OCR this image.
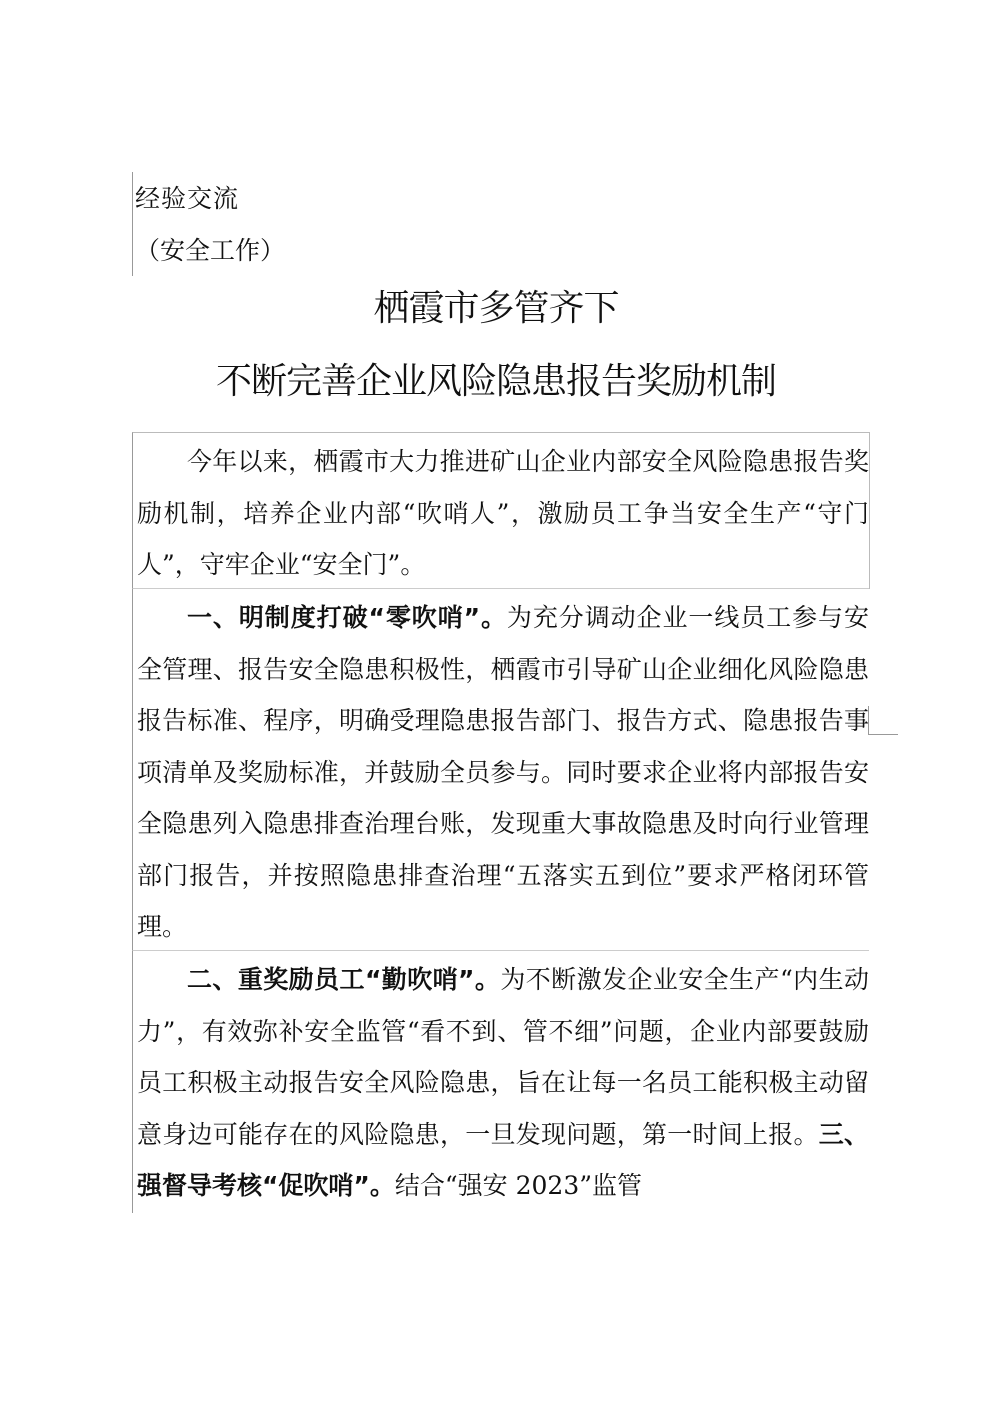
经验交流
（安全工作）
栖霞市多管齐下
不断完善企业风险隐患报告奖励机制
今年以来，栖霞市大力推进矿山企业内部安全风险隐患报告奖励机制，培养企业内部“吹哨人”，激励员工争当安全生产“守门人”，守牢企业“安全门”。
一、明制度打破“零吹哨”。为充分调动企业一线员工参与安全管理、报告安全隐患积极性，栖霞市引导矿山企业细化风险隐患报告标准、程序，明确受理隐患报告部门、报告方式、隐患报告事项清单及奖励标准，并鼓励全员参与。同时要求企业将内部报告安全隐患列入隐患排查治理台账，发现重大事故隐患及时向行业管理部门报告，并按照隐患排查治理“五落实五到位”要求严格闭环管理。
二、重奖励员工“勤吹哨”。为不断激发企业安全生产“内生动力”，有效弥补安全监管“看不到、管不细”问题，企业内部要鼓励员工积极主动报告安全风险隐患，旨在让每一名员工能积极主动留意身边可能存在的风险隐患，一旦发现问题，第一时间上报。三、强督导考核“促吹哨”。结合“强安 2023”监管
